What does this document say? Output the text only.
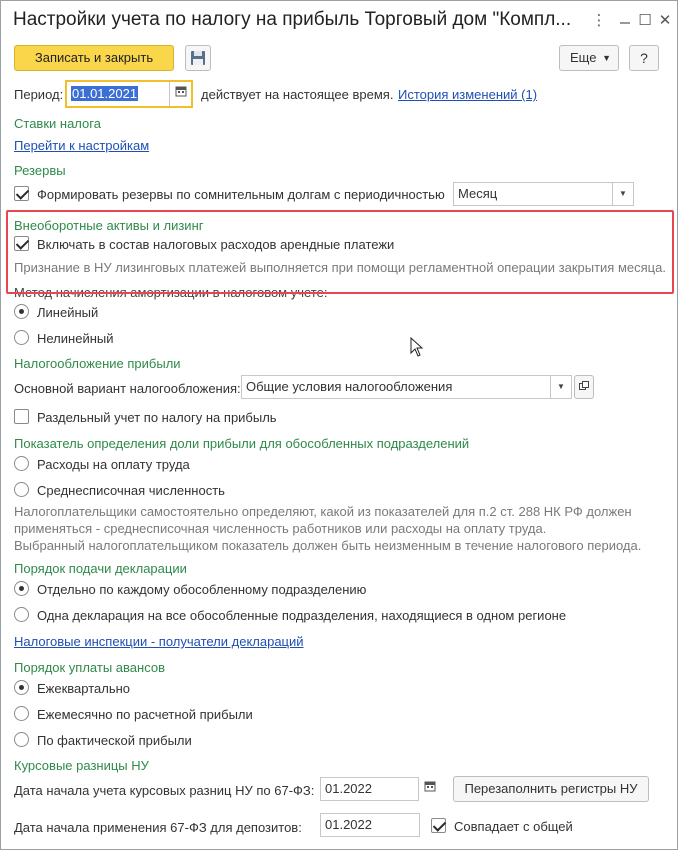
Настройки учета по налогу на прибыль Торговый дом "Компл... ⋮ ☐ ✕
Записать и закрыть	Еще ▼	?
Период: 01.01.2021	действует на настоящее время. История изменений (1)
Ставки налога
Перейти к настройкам
Резервы
Формировать резервы по сомнительным долгам с периодичностью	Месяц	▼
Внеоборотные активы и лизинг
Включать в состав налоговых расходов арендные платежи
Признание в НУ лизинговых платежей выполняется при помощи регламентной операции закрытия месяца.
Метод начисления амортизации в налоговом учете:
Линейный
Нелинейный
Налогообложение прибыли
Основной вариант налогообложения: Общие условия налогообложения	▼
Раздельный учет по налогу на прибыль
Показатель определения доли прибыли для обособленных подразделений
Расходы на оплату труда
Среднесписочная численность
Налогоплательщики самостоятельно определяют, какой из показателей для п.2 ст. 288 НК РФ должен
применяться - среднесписочная численность работников или расходы на оплату труда.
Выбранный налогоплательщиком показатель должен быть неизменным в течение налогового периода.
Порядок подачи декларации
Отдельно по каждому обособленному подразделению
Одна декларация на все обособленные подразделения, находящиеся в одном регионе
Налоговые инспекции - получатели деклараций
Порядок уплаты авансов
Ежеквартально
Ежемесячно по расчетной прибыли
По фактической прибыли
Курсовые разницы НУ
Дата начала учета курсовых разниц НУ по 67-ФЗ: 01.2022	Перезаполнить регистры НУ
Дата начала применения 67-ФЗ для депозитов:	01.2022	Совпадает с общей
